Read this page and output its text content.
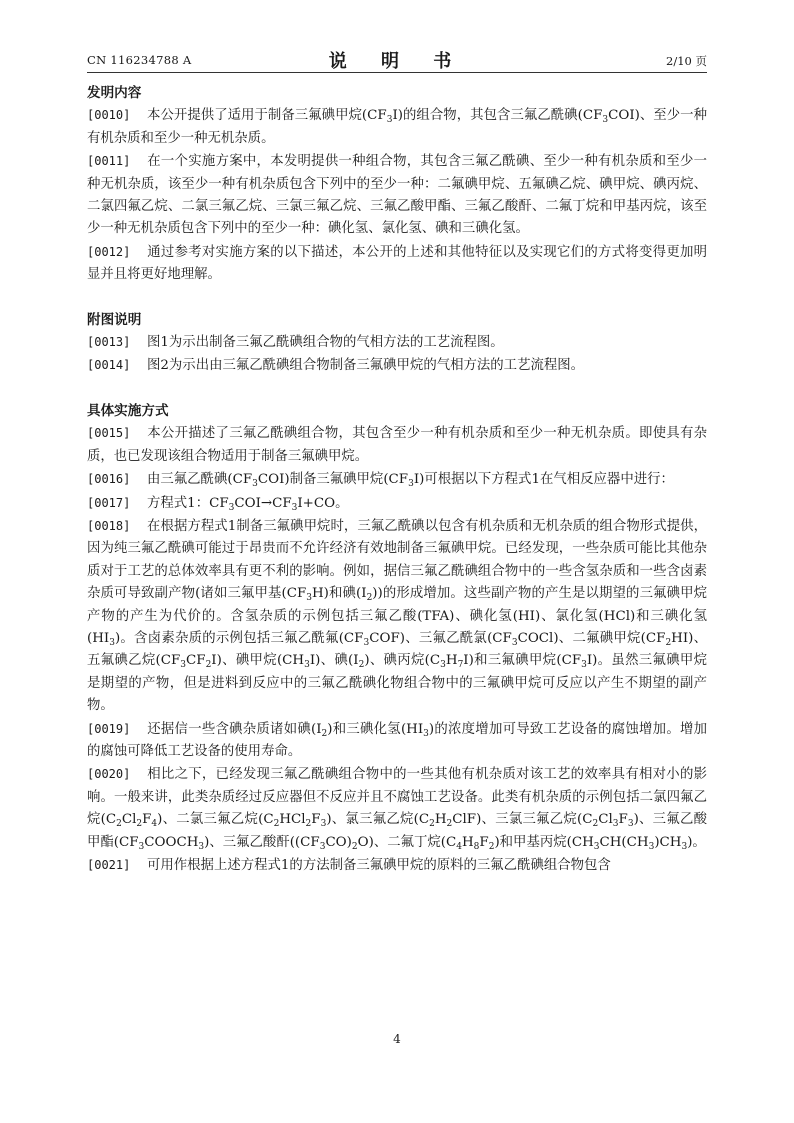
CN 116234788 A	说 明 书	2/10 页

发明内容

[0010] 本公开提供了适用于制备三氟碘甲烷$(CF_3I)$的组合物，其包含三氟乙酰碘$(CF_3COI)$、至少一种有机杂质和至少一种无机杂质。

[0011] 在一个实施方案中，本发明提供一种组合物，其包含三氟乙酰碘、至少一种有机杂质和至少一种无机杂质，该至少一种有机杂质包含下列中的至少一种：二氟碘甲烷、五氟碘乙烷、碘甲烷、碘丙烷、二氯四氟乙烷、二氯三氟乙烷、三氯三氟乙烷、三氟乙酸甲酯、三氟乙酸酐、二氟丁烷和甲基丙烷，该至少一种无机杂质包含下列中的至少一种：碘化氢、氯化氢、碘和三碘化氢。

[0012] 通过参考对实施方案的以下描述，本公开的上述和其他特征以及实现它们的方式将变得更加明显并且将更好地理解。

附图说明

[0013] 图1为示出制备三氟乙酰碘组合物的气相方法的工艺流程图。

[0014] 图2为示出由三氟乙酰碘组合物制备三氟碘甲烷的气相方法的工艺流程图。

具体实施方式

[0015] 本公开描述了三氟乙酰碘组合物，其包含至少一种有机杂质和至少一种无机杂质。即使具有杂质，也已发现该组合物适用于制备三氟碘甲烷。

[0016] 由三氟乙酰碘$(CF_3COI)$制备三氟碘甲烷$(CF_3I)$可根据以下方程式1在气相反应器中进行：

[0017] 方程式1：$CF_3COI\to CF_3I+CO$。

[0018] 在根据方程式1制备三氟碘甲烷时，三氟乙酰碘以包含有机杂质和无机杂质的组合物形式提供，因为纯三氟乙酰碘可能过于昂贵而不允许经济有效地制备三氟碘甲烷。已经发现，一些杂质可能比其他杂质对于工艺的总体效率具有更不利的影响。例如，据信三氟乙酰碘组合物中的一些含氢杂质和一些含卤素杂质可导致副产物(诸如三氟甲基$(CF_3H)$和碘$(I_2)$)的形成增加。这些副产物的产生是以期望的三氟碘甲烷产物的产生为代价的。含氢杂质的示例包括三氟乙酸(TFA)、碘化氢(HI)、氯化氢(HCl)和三碘化氢$(HI_3)$。含卤素杂质的示例包括三氟乙酰氟$(CF_3COF)$、三氟乙酰氯$(CF_3COCl)$、二氟碘甲烷$(CF_2HI)$、五氟碘乙烷$(CF_3CF_2I)$、碘甲烷$(CH_3I)$、碘$(I_2)$、碘丙烷$(C_3H_7I)$和三氟碘甲烷$(CF_3I)$。虽然三氟碘甲烷是期望的产物，但是进料到反应中的三氟乙酰碘化物组合物中的三氟碘甲烷可反应以产生不期望的副产物。

[0019] 还据信一些含碘杂质诸如碘$(I_2)$和三碘化氢$(HI_3)$的浓度增加可导致工艺设备的腐蚀增加。增加的腐蚀可降低工艺设备的使用寿命。

[0020] 相比之下，已经发现三氟乙酰碘组合物中的一些其他有机杂质对该工艺的效率具有相对小的影响。一般来讲，此类杂质经过反应器但不反应并且不腐蚀工艺设备。此类有机杂质的示例包括二氯四氟乙烷$(C_2Cl_2F_4)$、二氯三氟乙烷$(C_2HCl_2F_3)$、氯三氟乙烷$(C_2H_2ClF)$、三氯三氟乙烷$(C_2Cl_3F_3)$、三氟乙酸甲酯$(CF_3COOCH_3)$、三氟乙酸酐$((CF_3CO)_2O)$、二氟丁烷$(C_4H_8F_2)$和甲基丙烷$(CH_3CH(CH_3)CH_3)$。

[0021] 可用作根据上述方程式1的方法制备三氟碘甲烷的原料的三氟乙酰碘组合物包含

4
